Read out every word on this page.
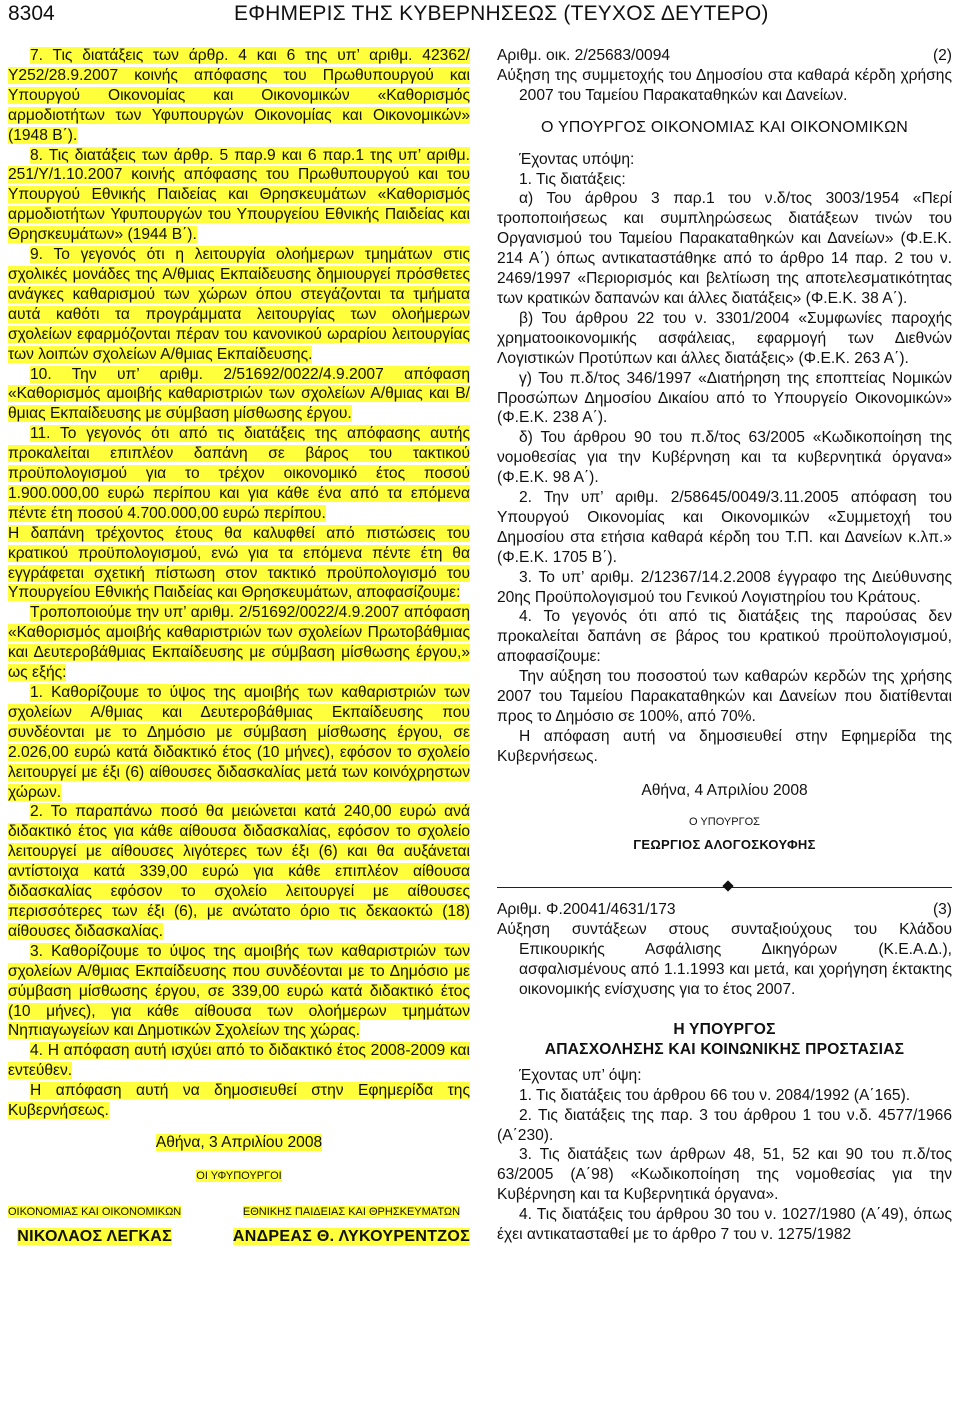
8304	ΕΦΗΜΕΡΙΣ ΤΗΣ ΚΥΒΕΡΝΗΣΕΩΣ (ΤΕΥΧΟΣ ΔΕΥΤΕΡΟ)

7. Τις διατάξεις των άρθρ. 4 και 6 της υπ’ αριθμ. 42362/Υ252/28.9.2007 κοινής απόφασης του Πρωθυπουργού και Υπουργού Οικονομίας και Οικονομικών «Καθορισμός αρμοδιοτήτων των Υφυπουργών Οικονομίας και Οικονομικών» (1948 Β΄).

8. Τις διατάξεις των άρθρ. 5 παρ.9 και 6 παρ.1 της υπ’ αριθμ. 251/Υ/1.10.2007 κοινής απόφασης του Πρωθυπουργού και του Υπουργού Εθνικής Παιδείας και Θρησκευμάτων «Καθορισμός αρμοδιοτήτων Υφυπουργών του Υπουργείου Εθνικής Παιδείας και Θρησκευμάτων» (1944 Β΄).

9. Το γεγονός ότι η λειτουργία ολοήμερων τμημάτων στις σχολικές μονάδες της Α/θμιας Εκπαίδευσης δημιουργεί πρόσθετες ανάγκες καθαρισμού των χώρων όπου στεγάζονται τα τμήματα αυτά καθότι τα προγράμματα λειτουργίας των ολοήμερων σχολείων εφαρμόζονται πέραν του κανονικού ωραρίου λειτουργίας των λοιπών σχολείων Α/θμιας Εκπαίδευσης.

10. Την υπ’ αριθμ. 2/51692/0022/4.9.2007 απόφαση «Καθορισμός αμοιβής καθαριστριών των σχολείων Α/θμιας και Β/θμιας Εκπαίδευσης με σύμβαση μίσθωσης έργου.

11. Το γεγονός ότι από τις διατάξεις της απόφασης αυτής προκαλείται επιπλέον δαπάνη σε βάρος του τακτικού προϋπολογισμού για το τρέχον οικονομικό έτος ποσού 1.900.000,00 ευρώ περίπου και για κάθε ένα από τα επόμενα πέντε έτη ποσού 4.700.000,00 ευρώ περίπου.

Η δαπάνη τρέχοντος έτους θα καλυφθεί από πιστώσεις του κρατικού προϋπολογισμού, ενώ για τα επόμενα πέντε έτη θα εγγράφεται σχετική πίστωση στον τακτικό προϋπολογισμό του Υπουργείου Εθνικής Παιδείας και Θρησκευμάτων, αποφασίζουμε:

Τροποποιούμε την υπ’ αριθμ. 2/51692/0022/4.9.2007 απόφαση «Καθορισμός αμοιβής καθαριστριών των σχολείων Πρωτοβάθμιας και Δευτεροβάθμιας Εκπαίδευσης με σύμβαση μίσθωσης έργου,» ως εξής:

1. Καθορίζουμε το ύψος της αμοιβής των καθαριστριών των σχολείων Α/θμιας και Δευτεροβάθμιας Εκπαίδευσης που συνδέονται με το Δημόσιο με σύμβαση μίσθωσης έργου, σε 2.026,00 ευρώ κατά διδακτικό έτος (10 μήνες), εφόσον το σχολείο λειτουργεί με έξι (6) αίθουσες διδασκαλίας μετά των κοινόχρηστων χώρων.

2. Το παραπάνω ποσό θα μειώνεται κατά 240,00 ευρώ ανά διδακτικό έτος για κάθε αίθουσα διδασκαλίας, εφόσον το σχολείο λειτουργεί με αίθουσες λιγότερες των έξι (6) και θα αυξάνεται αντίστοιχα κατά 339,00 ευρώ για κάθε επιπλέον αίθουσα διδασκαλίας εφόσον το σχολείο λειτουργεί με αίθουσες περισσότερες των έξι (6), με ανώτατο όριο τις δεκαοκτώ (18) αίθουσες διδασκαλίας.

3. Καθορίζουμε το ύψος της αμοιβής των καθαριστριών των σχολείων Α/θμιας Εκπαίδευσης που συνδέονται με το Δημόσιο με σύμβαση μίσθωσης έργου, σε 339,00 ευρώ κατά διδακτικό έτος (10 μήνες), για κάθε αίθουσα των ολοήμερων τμημάτων Νηπιαγωγείων και Δημοτικών Σχολείων της χώρας.

4. Η απόφαση αυτή ισχύει από το διδακτικό έτος 2008-2009 και εντεύθεν.

Η απόφαση αυτή να δημοσιευθεί στην Εφημερίδα της Κυβερνήσεως.

Αθήνα, 3 Απριλίου 2008

ΟΙ ΥΦΥΠΟΥΡΓΟΙ

ΟΙΚΟΝΟΜΙΑΣ ΚΑΙ ΟΙΚΟΝΟΜΙΚΩΝ
ΝΙΚΟΛΑΟΣ ΛΕΓΚΑΣ
ΕΘΝΙΚΗΣ ΠΑΙΔΕΙΑΣ ΚΑΙ ΘΡΗΣΚΕΥΜΑΤΩΝ
ΑΝΔΡΕΑΣ Θ. ΛΥΚΟΥΡΕΝΤΖΟΣ
Αριθμ. οικ. 2/25683/0094	(2)

Αύξηση της συμμετοχής του Δημοσίου στα καθαρά κέρδη χρήσης 2007 του Ταμείου Παρακαταθηκών και Δανείων.

Ο ΥΠΟΥΡΓΟΣ ΟΙΚΟΝΟΜΙΑΣ ΚΑΙ ΟΙΚΟΝΟΜΙΚΩΝ

Έχοντας υπόψη:

1. Τις διατάξεις:

α) Του άρθρου 3 παρ.1 του ν.δ/τος 3003/1954 «Περί τροποποιήσεως και συμπληρώσεως διατάξεων τινών του Οργανισμού του Ταμείου Παρακαταθηκών και Δανείων» (Φ.Ε.Κ. 214 Α΄) όπως αντικαταστάθηκε από το άρθρο 14 παρ. 2 του ν. 2469/1997 «Περιορισμός και βελτίωση της αποτελεσματικότητας των κρατικών δαπανών και άλλες διατάξεις» (Φ.Ε.Κ. 38 Α΄).

β) Του άρθρου 22 του ν. 3301/2004 «Συμφωνίες παροχής χρηματοοικονομικής ασφάλειας, εφαρμογή των Διεθνών Λογιστικών Προτύπων και άλλες διατάξεις» (Φ.Ε.Κ. 263 Α΄).

γ) Του π.δ/τος 346/1997 «Διατήρηση της εποπτείας Νομικών Προσώπων Δημοσίου Δικαίου από το Υπουργείο Οικονομικών» (Φ.Ε.Κ. 238 Α΄).

δ) Του άρθρου 90 του π.δ/τος 63/2005 «Κωδικοποίηση της νομοθεσίας για την Κυβέρνηση και τα κυβερνητικά όργανα» (Φ.Ε.Κ. 98 Α΄).

2. Την υπ’ αριθμ. 2/58645/0049/3.11.2005 απόφαση του Υπουργού Οικονομίας και Οικονομικών «Συμμετοχή του Δημοσίου στα ετήσια καθαρά κέρδη του Τ.Π. και Δανείων κ.λπ.» (Φ.Ε.Κ. 1705 Β΄).

3. Το υπ’ αριθμ. 2/12367/14.2.2008 έγγραφο της Διεύθυνσης 20ης Προϋπολογισμού του Γενικού Λογιστηρίου του Κράτους.

4. Το γεγονός ότι από τις διατάξεις της παρούσας δεν προκαλείται δαπάνη σε βάρος του κρατικού προϋπολογισμού, αποφασίζουμε:

Την αύξηση του ποσοστού των καθαρών κερδών της χρήσης 2007 του Ταμείου Παρακαταθηκών και Δανείων που διατίθενται προς το Δημόσιο σε 100%, από 70%.

Η απόφαση αυτή να δημοσιευθεί στην Εφημερίδα της Κυβερνήσεως.

Αθήνα, 4 Απριλίου 2008

Ο ΥΠΟΥΡΓΟΣ

ΓΕΩΡΓΙΟΣ ΑΛΟΓΟΣΚΟΥΦΗΣ

Αριθμ. Φ.20041/4631/173	(3)

Αύξηση συντάξεων στους συνταξιούχους του Κλάδου Επικουρικής Ασφάλισης Δικηγόρων (Κ.Ε.Α.Δ.), ασφαλισμένους από 1.1.1993 και μετά, και χορήγηση έκτακτης οικονομικής ενίσχυσης για το έτος 2007.

Η ΥΠΟΥΡΓΟΣ
ΑΠΑΣΧΟΛΗΣΗΣ ΚΑΙ ΚΟΙΝΩΝΙΚΗΣ ΠΡΟΣΤΑΣΙΑΣ

Έχοντας υπ’ όψη:

1. Τις διατάξεις του άρθρου 66 του ν. 2084/1992 (Α΄165).

2. Τις διατάξεις της παρ. 3 του άρθρου 1 του ν.δ. 4577/1966 (Α΄230).

3. Τις διατάξεις των άρθρων 48, 51, 52 και 90 του π.δ/τος 63/2005 (Α΄98) «Κωδικοποίηση της νομοθεσίας για την Κυβέρνηση και τα Κυβερνητικά όργανα».

4. Τις διατάξεις του άρθρου 30 του ν. 1027/1980 (Α΄49), όπως έχει αντικατασταθεί με το άρθρο 7 του ν. 1275/1982
